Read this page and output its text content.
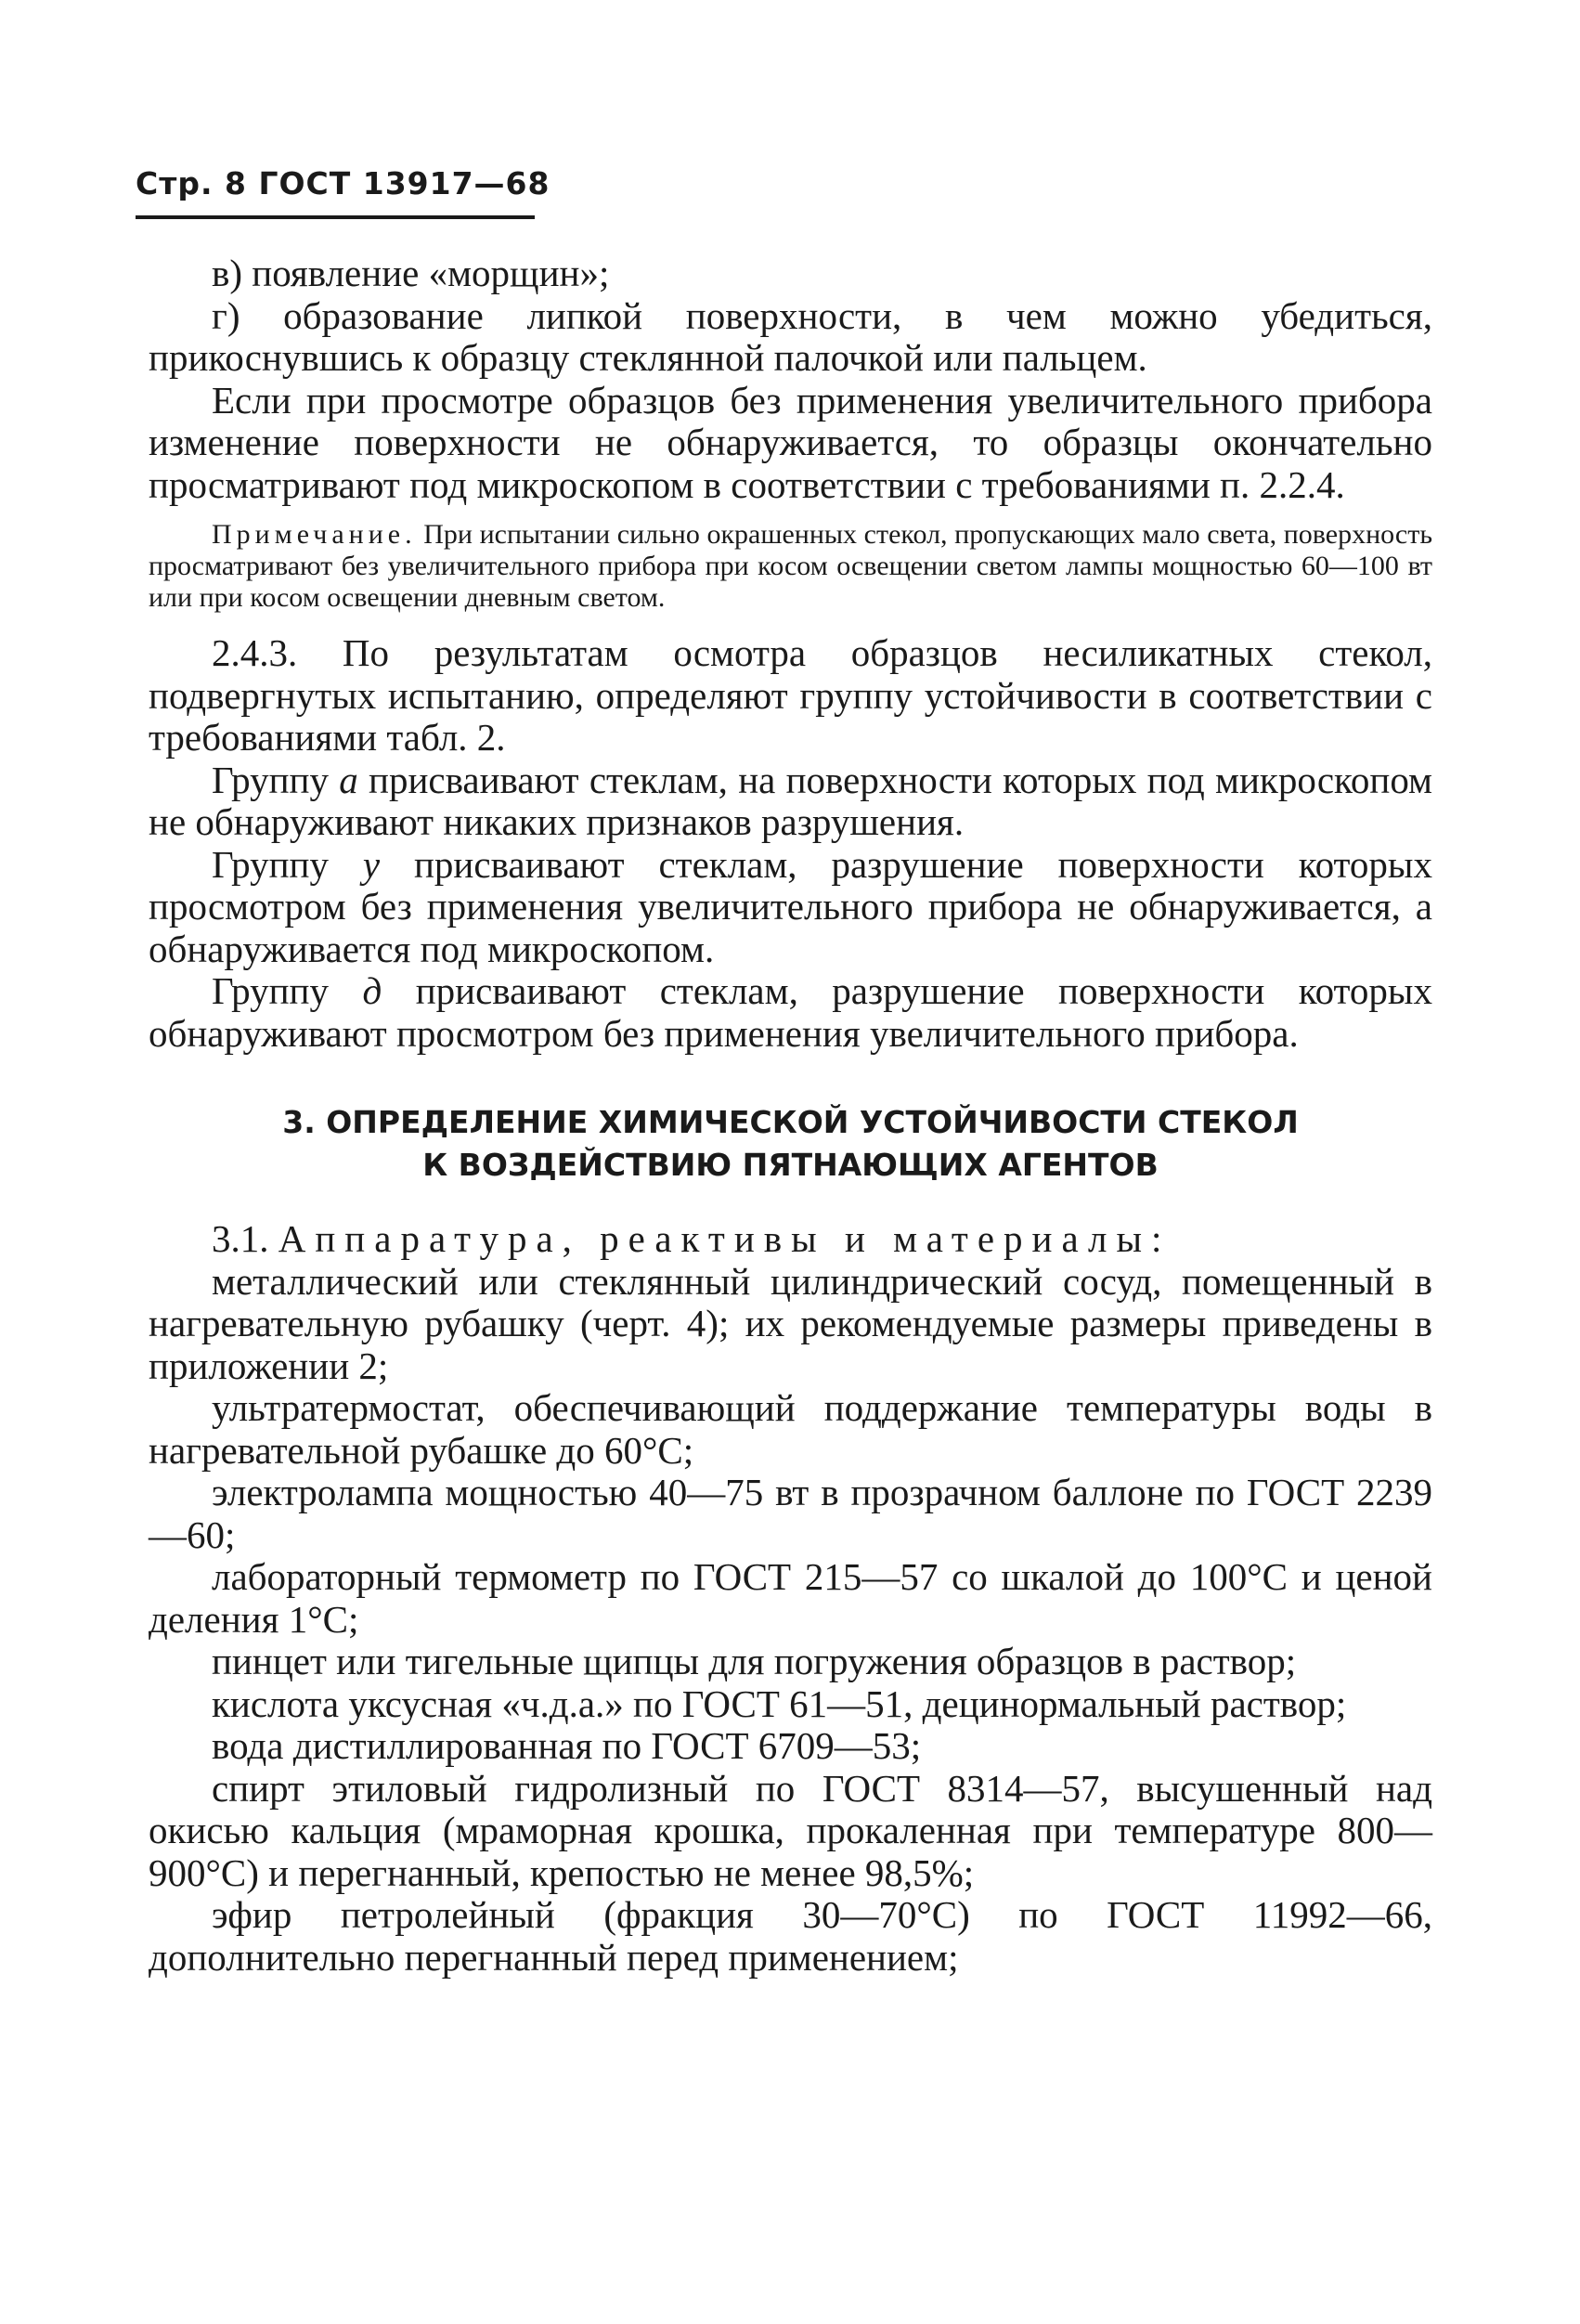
Стр. 8 ГОСТ 13917—68

в) появление «морщин»;

г) образование липкой поверхности, в чем можно убедиться, прикоснувшись к образцу стеклянной палочкой или пальцем.

Если при просмотре образцов без применения увеличительного прибора изменение поверхности не обнаруживается, то образцы окончательно просматривают под микроскопом в соответствии с требованиями п. 2.2.4.

Примечание. При испытании сильно окрашенных стекол, пропускающих мало света, поверхность просматривают без увеличительного прибора при косом освещении светом лампы мощностью 60—100 вт или при косом освещении дневным светом.

2.4.3. По результатам осмотра образцов несиликатных стекол, подвергнутых испытанию, определяют группу устойчивости в соответствии с требованиями табл. 2.

Группу а присваивают стеклам, на поверхности которых под микроскопом не обнаруживают никаких признаков разрушения.

Группу у присваивают стеклам, разрушение поверхности которых просмотром без применения увеличительного прибора не обнаруживается, а обнаруживается под микроскопом.

Группу д присваивают стеклам, разрушение поверхности которых обнаруживают просмотром без применения увеличительного прибора.

3. ОПРЕДЕЛЕНИЕ ХИМИЧЕСКОЙ УСТОЙЧИВОСТИ СТЕКОЛ
К ВОЗДЕЙСТВИЮ ПЯТНАЮЩИХ АГЕНТОВ

3.1. Аппаратура, реактивы и материалы:

металлический или стеклянный цилиндрический сосуд, помещенный в нагревательную рубашку (черт. 4); их рекомендуемые размеры приведены в приложении 2;

ультратермостат, обеспечивающий поддержание температуры воды в нагревательной рубашке до 60°С;

электролампа мощностью 40—75 вт в прозрачном баллоне по ГОСТ 2239—60;

лабораторный термометр по ГОСТ 215—57 со шкалой до 100°С и ценой деления 1°С;

пинцет или тигельные щипцы для погружения образцов в раствор;

кислота уксусная «ч.д.а.» по ГОСТ 61—51, децинормальный раствор;

вода дистиллированная по ГОСТ 6709—53;

спирт этиловый гидролизный по ГОСТ 8314—57, высушенный над окисью кальция (мраморная крошка, прокаленная при температуре 800—900°С) и перегнанный, крепостью не менее 98,5%;

эфир петролейный (фракция 30—70°С) по ГОСТ 11992—66, дополнительно перегнанный перед применением;
